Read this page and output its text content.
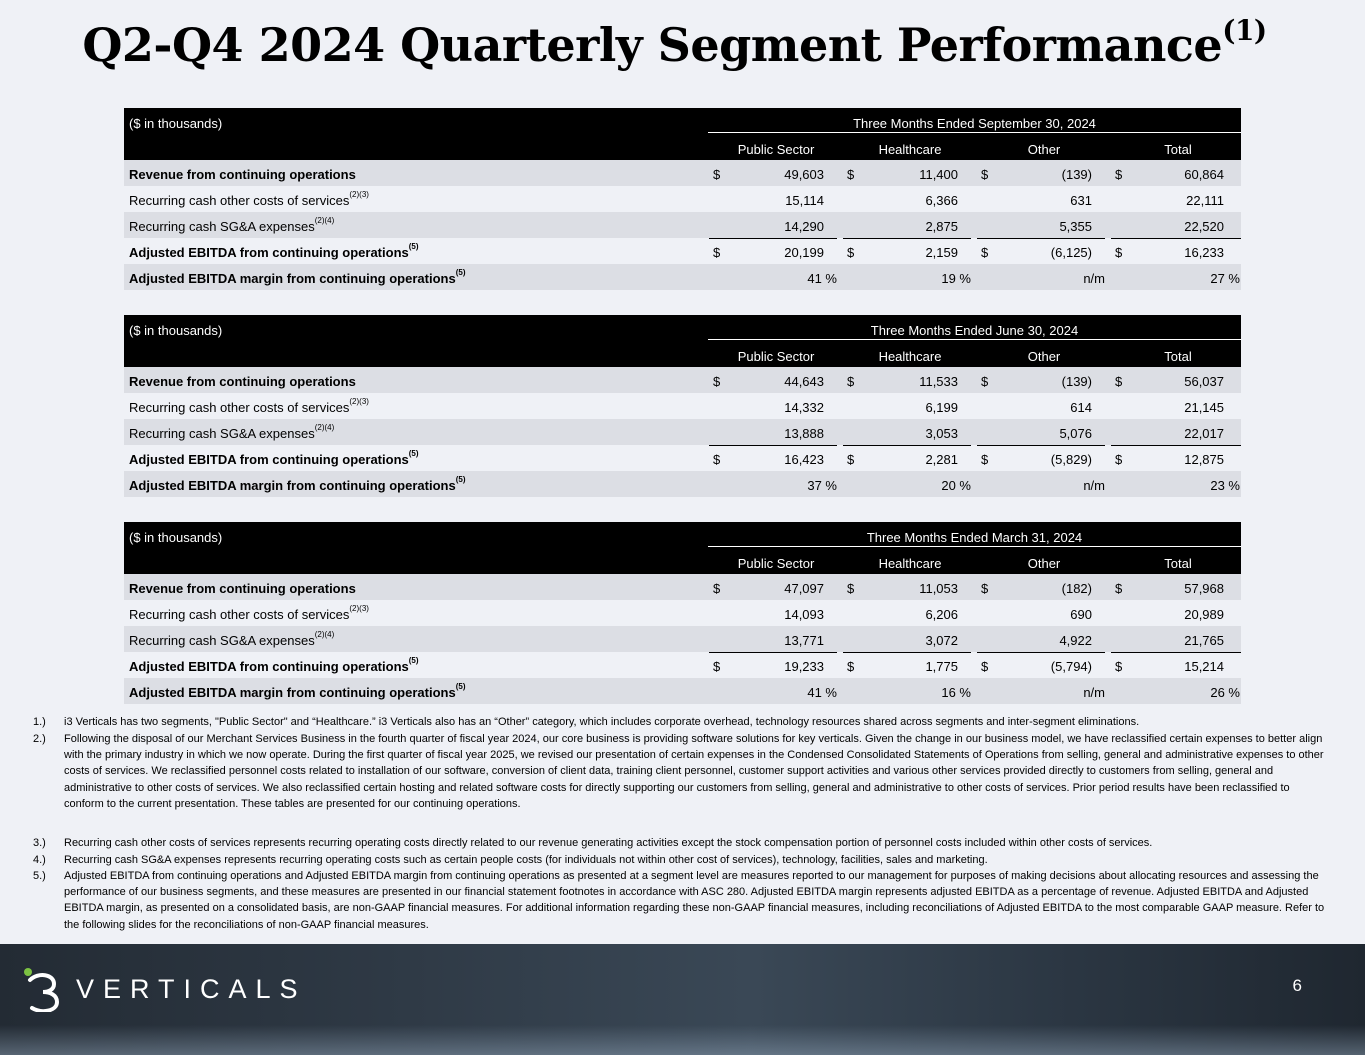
Q2-Q4 2024 Quarterly Segment Performance$^{(1)}$
($ in thousands)	Three Months Ended September 30, 2024
Public Sector	Healthcare	Other	Total
Revenue from continuing operations	$	49,603 $	11,400 $	(139) $	60,864
Recurring cash other costs of services$^{(2)(3)}$	15,114	6,366	631	22,111
Recurring cash SG&A expenses$^{(2)(4)}$	14,290	2,875	5,355	22,520
Adjusted EBITDA from continuing operations$^{(5)}$	$	20,199 $	2,159 $	(6,125) $	16,233
Adjusted EBITDA margin from continuing operations$^{(5)}$	41 %	19 %	n/m	27 %
($ in thousands)	Three Months Ended June 30, 2024
Public Sector	Healthcare	Other	Total
Revenue from continuing operations	$	44,643 $	11,533 $	(139) $	56,037
Recurring cash other costs of services$^{(2)(3)}$	14,332	6,199	614	21,145
Recurring cash SG&A expenses$^{(2)(4)}$	13,888	3,053	5,076	22,017
Adjusted EBITDA from continuing operations$^{(5)}$	$	16,423 $	2,281 $	(5,829) $	12,875
Adjusted EBITDA margin from continuing operations$^{(5)}$	37 %	20 %	n/m	23 %
($ in thousands)	Three Months Ended March 31, 2024
Public Sector	Healthcare	Other	Total
Revenue from continuing operations	$	47,097 $	11,053 $	(182) $	57,968
Recurring cash other costs of services$^{(2)(3)}$	14,093	6,206	690	20,989
Recurring cash SG&A expenses$^{(2)(4)}$	13,771	3,072	4,922	21,765
Adjusted EBITDA from continuing operations$^{(5)}$	$	19,233 $	1,775 $	(5,794) $	15,214
Adjusted EBITDA margin from continuing operations$^{(5)}$	41 %	16 %	n/m	26 %
1.) i3 Verticals has two segments, "Public Sector" and “Healthcare.” i3 Verticals also has an “Other” category, which includes corporate overhead, technology resources shared across segments and inter-segment eliminations.
2.) Following the disposal of our Merchant Services Business in the fourth quarter of fiscal year 2024, our core business is providing software solutions for key verticals. Given the change in our business model, we have reclassified certain expenses to better align with the primary industry in which we now operate. During the first quarter of fiscal year 2025, we revised our presentation of certain expenses in the Condensed Consolidated Statements of Operations from selling, general and administrative expenses to other costs of services. We reclassified personnel costs related to installation of our software, conversion of client data, training client personnel, customer support activities and various other services provided directly to customers from selling, general and administrative to other costs of services. We also reclassified certain hosting and related software costs for directly supporting our customers from selling, general and administrative to other costs of services. Prior period results have been reclassified to conform to the current presentation. These tables are presented for our continuing operations.
3.) Recurring cash other costs of services represents recurring operating costs directly related to our revenue generating activities except the stock compensation portion of personnel costs included within other costs of services.
4.) Recurring cash SG&A expenses represents recurring operating costs such as certain people costs (for individuals not within other cost of services), technology, facilities, sales and marketing.
5.) Adjusted EBITDA from continuing operations and Adjusted EBITDA margin from continuing operations as presented at a segment level are measures reported to our management for purposes of making decisions about allocating resources and assessing the performance of our business segments, and these measures are presented in our financial statement footnotes in accordance with ASC 280. Adjusted EBITDA margin represents adjusted EBITDA as a percentage of revenue. Adjusted EBITDA and Adjusted EBITDA margin, as presented on a consolidated basis, are non-GAAP financial measures. For additional information regarding these non-GAAP financial measures, including reconciliations of Adjusted EBITDA to the most comparable GAAP measure. Refer to the following slides for the reconciliations of non-GAAP financial measures.
VERTICALS	6
